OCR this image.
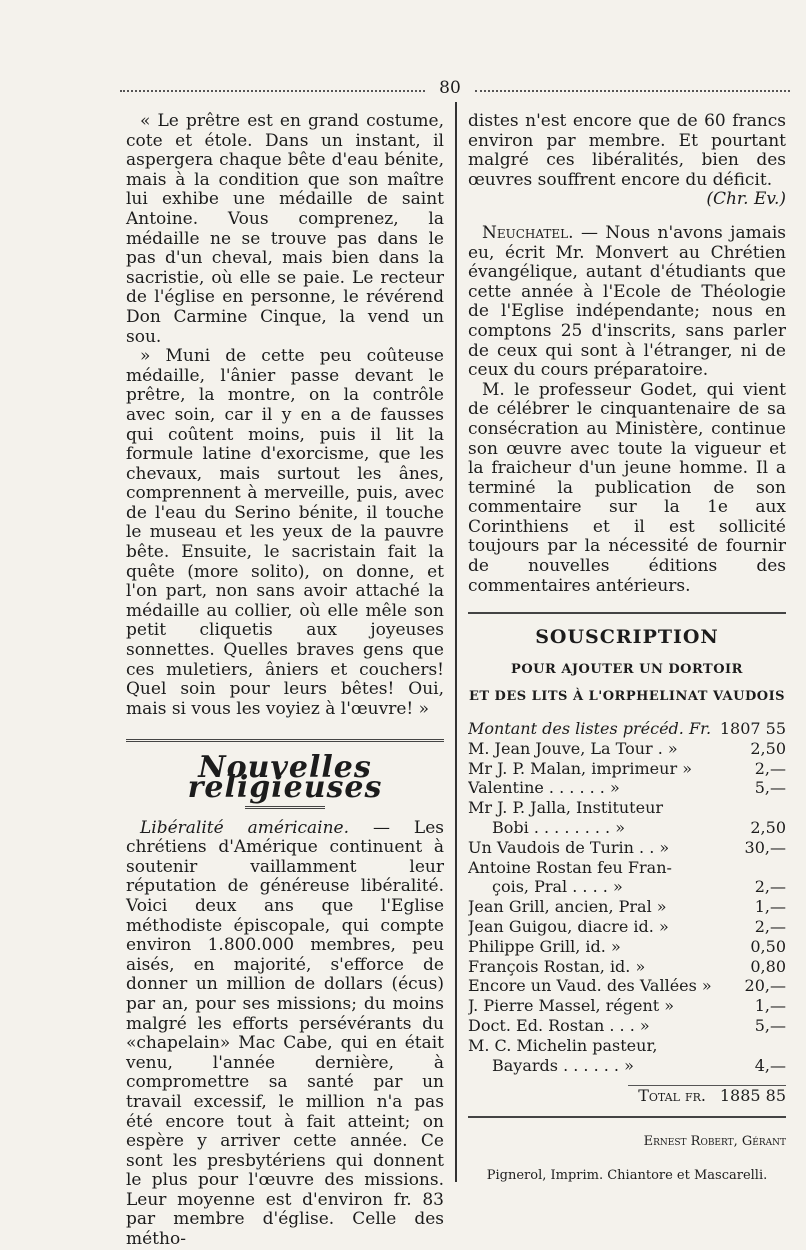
80

« Le prêtre est en grand costume, cote et étole. Dans un instant, il aspergera chaque bête d'eau bénite, mais à la condition que son maître lui exhibe une médaille de saint Antoine. Vous comprenez, la médaille ne se trouve pas dans le pas d'un cheval, mais bien dans la sacristie, où elle se paie. Le recteur de l'église en personne, le révérend Don Carmine Cinque, la vend un sou.

» Muni de cette peu coûteuse médaille, l'ânier passe devant le prêtre, la montre, on la contrôle avec soin, car il y en a de fausses qui coûtent moins, puis il lit la formule latine d'exorcisme, que les chevaux, mais surtout les ânes, comprennent à merveille, puis, avec de l'eau du Serino bénite, il touche le museau et les yeux de la pauvre bête. Ensuite, le sacristain fait la quête (more solito), on donne, et l'on part, non sans avoir attaché la médaille au collier, où elle mêle son petit cliquetis aux joyeuses sonnettes. Quelles braves gens que ces muletiers, âniers et couchers! Quel soin pour leurs bêtes! Oui, mais si vous les voyiez à l'œuvre! »

Nouvelles religieuses

Libéralité américaine. — Les chrétiens d'Amérique continuent à soutenir vaillamment leur réputation de généreuse libéralité. Voici deux ans que l'Eglise méthodiste épiscopale, qui compte environ 1.800.000 membres, peu aisés, en majorité, s'efforce de donner un million de dollars (écus) par an, pour ses missions; du moins malgré les efforts persévérants du «chapelain» Mac Cabe, qui en était venu, l'année dernière, à compromettre sa santé par un travail excessif, le million n'a pas été encore tout à fait atteint; on espère y arriver cette année. Ce sont les presbytériens qui donnent le plus pour l'œuvre des missions. Leur moyenne est d'environ fr. 83 par membre d'église. Celle des métho-

distes n'est encore que de 60 francs environ par membre. Et pourtant malgré ces libéralités, bien des œuvres souffrent encore du déficit.

(Chr. Ev.)

Neuchatel. — Nous n'avons jamais eu, écrit Mr. Monvert au Chrétien évangélique, autant d'étudiants que cette année à l'Ecole de Théologie de l'Eglise indépendante; nous en comptons 25 d'inscrits, sans parler de ceux qui sont à l'étranger, ni de ceux du cours préparatoire.

M. le professeur Godet, qui vient de célébrer le cinquantenaire de sa consécration au Ministère, continue son œuvre avec toute la vigueur et la fraicheur d'un jeune homme. Il a terminé la publication de son commentaire sur la 1e aux Corinthiens et il est sollicité toujours par la nécessité de fournir de nouvelles éditions des commentaires antérieurs.

SOUSCRIPTION
POUR AJOUTER UN DORTOIR
ET DES LITS À L'ORPHELINAT VAUDOIS
Montant des listes précéd. Fr. 1807 55
M. Jean Jouve, La Tour . »	2,50
Mr J. P. Malan, imprimeur »	2,—
Valentine . . . . . . »	5,—
Mr J. P. Jalla, Instituteur
Bobi . . . . . . . . »	2,50
Un Vaudois de Turin . . »	30,—
Antoine Rostan feu Fran-
çois, Pral . . . . »	2,—
Jean Grill, ancien, Pral »	1,—
Jean Guigou, diacre id. »	2,—
Philippe Grill, id. »	0,50
François Rostan, id. »	0,80
Encore un Vaud. des Vallées »	20,—
J. Pierre Massel, régent »	1,—
Doct. Ed. Rostan . . . »	5,—
M. C. Michelin pasteur,
Bayards . . . . . . »	4,—
Total fr. 1885 85
Ernest Robert, Gérant
Pignerol, Imprim. Chiantore et Mascarelli.
